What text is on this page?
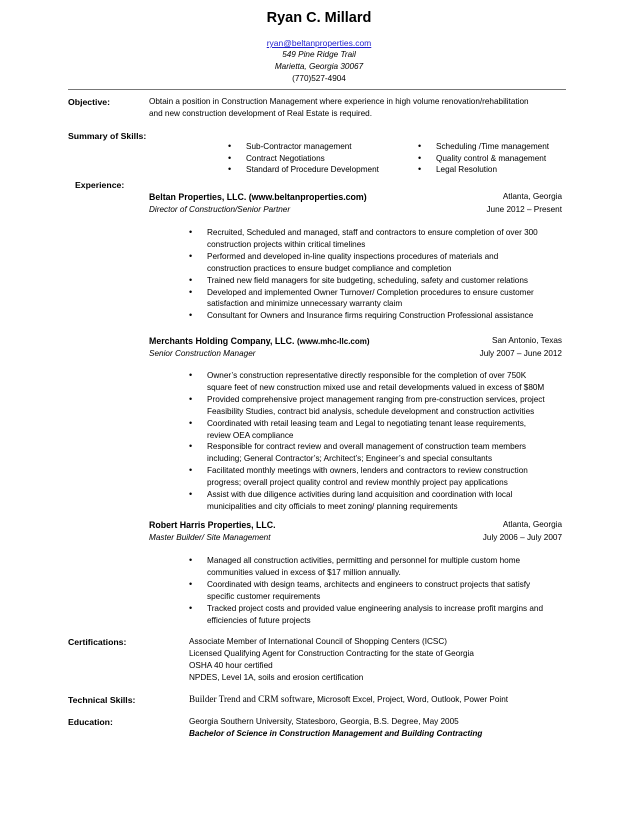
Ryan C. Millard
ryan@beltanproperties.com
549 Pine Ridge Trail
Marietta, Georgia 30067
(770)527-4904
Objective:	Obtain a position in Construction Management where experience in high volume renovation/rehabilitation
and new construction development of Real Estate is required.
Summary of Skills:
• Sub-Contractor management
• Contract Negotiations
• Standard of Procedure Development
• Scheduling /Time management
• Quality control & management
• Legal Resolution
Experience:
Beltan Properties, LLC. (www.beltanproperties.com)	Atlanta, Georgia
Director of Construction/Senior Partner	June 2012 – Present
• Recruited, Scheduled and managed, staff and contractors to ensure completion of over 300
construction projects within critical timelines
• Performed and developed in-line quality inspections procedures of materials and
construction practices to ensure budget compliance and completion
• Trained new field managers for site budgeting, scheduling, safety and customer relations
• Developed and implemented Owner Turnover/ Completion procedures to ensure customer
satisfaction and minimize unnecessary warranty claim
• Consultant for Owners and Insurance firms requiring Construction Professional assistance
Merchants Holding Company, LLC. (www.mhc-llc.com)	San Antonio, Texas
Senior Construction Manager	July 2007 – June 2012
• Owner’s construction representative directly responsible for the completion of over 750K
square feet of new construction mixed use and retail developments valued in excess of $80M
• Provided comprehensive project management ranging from pre-construction services, project
Feasibility Studies, contract bid analysis, schedule development and construction activities
• Coordinated with retail leasing team and Legal to negotiating tenant lease requirements,
review OEA compliance
• Responsible for contract review and overall management of construction team members
including; General Contractor’s; Architect’s; Engineer’s and special consultants
• Facilitated monthly meetings with owners, lenders and contractors to review construction
progress; overall project quality control and review monthly project pay applications
• Assist with due diligence activities during land acquisition and coordination with local
municipalities and city officials to meet zoning/ planning requirements
Robert Harris Properties, LLC.	Atlanta, Georgia
Master Builder/ Site Management	July 2006 – July 2007
• Managed all construction activities, permitting and personnel for multiple custom home
communities valued in excess of $17 million annually.
• Coordinated with design teams, architects and engineers to construct projects that satisfy
specific customer requirements
• Tracked project costs and provided value engineering analysis to increase profit margins and
efficiencies of future projects
Certifications:	Associate Member of International Council of Shopping Centers (ICSC)
Licensed Qualifying Agent for Construction Contracting for the state of Georgia
OSHA 40 hour certified
NPDES, Level 1A, soils and erosion certification
Technical Skills:	Builder Trend and CRM software, Microsoft Excel, Project, Word, Outlook, Power Point
Education:	Georgia Southern University, Statesboro, Georgia, B.S. Degree, May 2005
Bachelor of Science in Construction Management and Building Contracting
